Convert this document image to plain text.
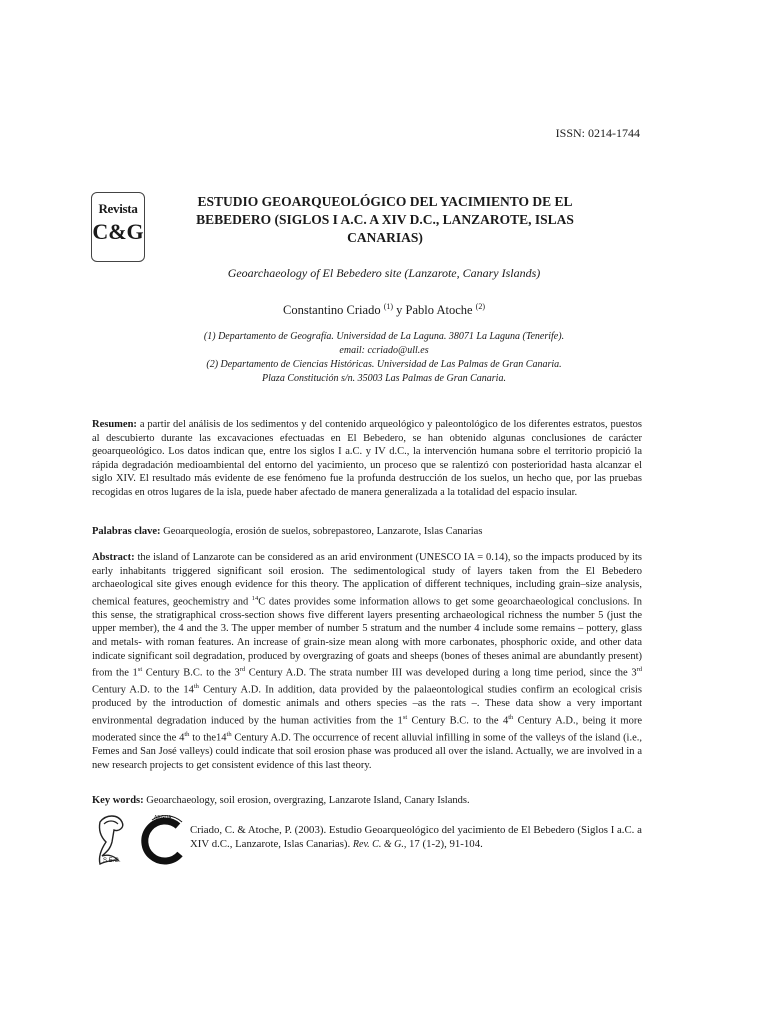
ISSN: 0214-1744
Revista
C&G
ESTUDIO GEOARQUEOLÓGICO DEL YACIMIENTO DE EL BEBEDERO (SIGLOS I A.C. A XIV D.C., LANZAROTE, ISLAS CANARIAS)
Geoarchaeology of El Bebedero site (Lanzarote, Canary Islands)
Constantino Criado $^{(1)}$ y Pablo Atoche $^{(2)}$
(1) Departamento de Geografía. Universidad de La Laguna. 38071 La Laguna (Tenerife).
email: ccriado@ull.es
(2) Departamento de Ciencias Históricas. Universidad de Las Palmas de Gran Canaria.
Plaza Constitución s/n. 35003 Las Palmas de Gran Canaria.
Resumen: a partir del análisis de los sedimentos y del contenido arqueológico y paleontológico de los diferentes estratos, puestos al descubierto durante las excavaciones efectuadas en El Bebedero, se han obtenido algunas conclusiones de carácter geoarqueológico. Los datos indican que, entre los siglos I a.C. y IV d.C., la intervención humana sobre el territorio propició la rápida degradación medioambiental del entorno del yacimiento, un proceso que se ralentizó con posterioridad hasta alcanzar el siglo XIV. El resultado más evidente de ese fenómeno fue la profunda destrucción de los suelos, un hecho que, por las pruebas recogidas en otros lugares de la isla, puede haber afectado de manera generalizada a la totalidad del espacio insular.
Palabras clave: Geoarqueología, erosión de suelos, sobrepastoreo, Lanzarote, Islas Canarias
Abstract: the island of Lanzarote can be considered as an arid environment (UNESCO IA = 0.14), so the impacts produced by its early inhabitants triggered significant soil erosion. The sedimentological study of layers taken from the El Bebedero archaeological site gives enough evidence for this theory. The application of different techniques, including grain–size analysis, chemical features, geochemistry and $^{14}$C dates provides some information allows to get some geoarchaeological conclusions. In this sense, the stratigraphical cross-section shows five different layers presenting archaeological richness the number 5 (just the upper member), the 4 and the 3. The upper member of number 5 stratum and the number 4 include some remains – pottery, glass and metals- with roman features. An increase of grain-size mean along with more carbonates, phosphoric oxide, and other data indicate significant soil degradation, produced by overgrazing of goats and sheeps (bones of theses animal are abundantly present) from the 1st Century B.C. to the 3rd Century A.D. The strata number III was developed during a long time period, since the 3rd Century A.D. to the 14th Century A.D. In addition, data provided by the palaeontological studies confirm an ecological crisis produced by the introduction of domestic animals and others species –as the rats –. These data show a very important environmental degradation induced by the human activities from the 1st Century B.C. to the 4th Century A.D., being it more moderated since the 4th to the14th Century A.D. The occurrence of recent alluvial infilling in some of the valleys of the island (i.e., Femes and San José valleys) could indicate that soil erosion phase was produced all over the island. Actually, we are involved in a new research projects to get consistent evidence of this last theory.
Key words: Geoarchaeology, soil erosion, overgrazing, Lanzarote Island, Canary Islands.
S.E.G.
AEGUA
Criado, C. & Atoche, P. (2003). Estudio Geoarqueológico del yacimiento de El Bebedero (Siglos I a.C. a XIV d.C., Lanzarote, Islas Canarias). Rev. C. & G., 17 (1-2), 91-104.
